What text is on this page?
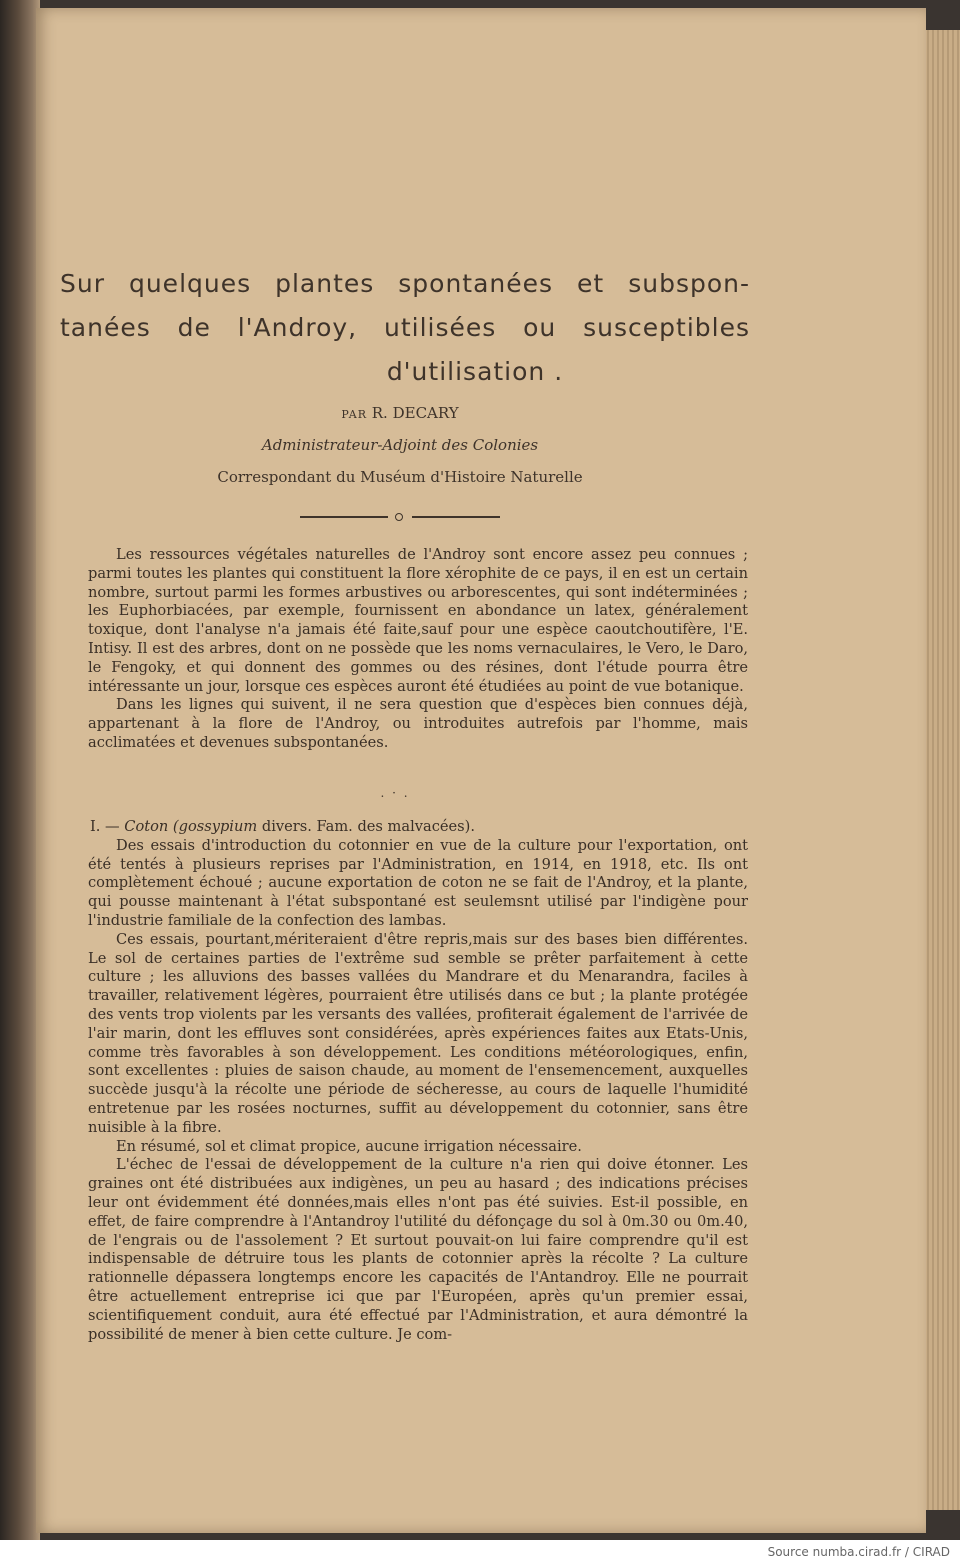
Sur quelques plantes spontanées et subspon-
tanées de l'Androy, utilisées ou susceptibles
d'utilisation .
PAR R. DECARY
Administrateur-Adjoint des Colonies
Correspondant du Muséum d'Histoire Naturelle

Les ressources végétales naturelles de l'Androy sont encore assez peu connues ; parmi toutes les plantes qui constituent la flore xérophite de ce pays, il en est un certain nombre, surtout parmi les formes arbustives ou arborescentes, qui sont indéterminées ; les Euphorbiacées, par exemple, fournissent en abondance un latex, généralement toxique, dont l'analyse n'a jamais été faite,sauf pour une espèce caoutchoutifère, l'E. Intisy. Il est des arbres, dont on ne possède que les noms vernaculaires, le Vero, le Daro, le Fengoky, et qui donnent des gommes ou des résines, dont l'étude pourra être intéressante un jour, lorsque ces espèces auront été étudiées au point de vue botanique.

Dans les lignes qui suivent, il ne sera question que d'espèces bien connues déjà, appartenant à la flore de l'Androy, ou introduites autrefois par l'homme, mais acclimatées et devenues subspontanées.

. · .

I. — Coton (gossypium divers. Fam. des malvacées).

Des essais d'introduction du cotonnier en vue de la culture pour l'exportation, ont été tentés à plusieurs reprises par l'Administration, en 1914, en 1918, etc. Ils ont complètement échoué ; aucune exportation de coton ne se fait de l'Androy, et la plante, qui pousse maintenant à l'état subspontané est seulemsnt utilisé par l'indigène pour l'industrie familiale de la confection des lambas.

Ces essais, pourtant,mériteraient d'être repris,mais sur des bases bien différentes. Le sol de certaines parties de l'extrême sud semble se prêter parfaitement à cette culture ; les alluvions des basses vallées du Mandrare et du Menarandra, faciles à travailler, relativement légères, pourraient être utilisés dans ce but ; la plante protégée des vents trop violents par les versants des vallées, profiterait également de l'arrivée de l'air marin, dont les effluves sont considérées, après expériences faites aux Etats-Unis, comme très favorables à son développement. Les conditions météorologiques, enfin, sont excellentes : pluies de saison chaude, au moment de l'ensemencement, auxquelles succède jusqu'à la récolte une période de sécheresse, au cours de laquelle l'humidité entretenue par les rosées nocturnes, suffit au développement du cotonnier, sans être nuisible à la fibre.

En résumé, sol et climat propice, aucune irrigation nécessaire.

L'échec de l'essai de développement de la culture n'a rien qui doive étonner. Les graines ont été distribuées aux indigènes, un peu au hasard ; des indications précises leur ont évidemment été données,mais elles n'ont pas été suivies. Est-il possible, en effet, de faire comprendre à l'Antandroy l'utilité du défonçage du sol à 0m.30 ou 0m.40, de l'engrais ou de l'assolement ? Et surtout pouvait-on lui faire comprendre qu'il est indispensable de détruire tous les plants de cotonnier après la récolte ? La culture rationnelle dépassera longtemps encore les capacités de l'Antandroy. Elle ne pourrait être actuellement entreprise ici que par l'Européen, après qu'un premier essai, scientifiquement conduit, aura été effectué par l'Administration, et aura démontré la possibilité de mener à bien cette culture. Je com-

Source numba.cirad.fr / CIRAD
